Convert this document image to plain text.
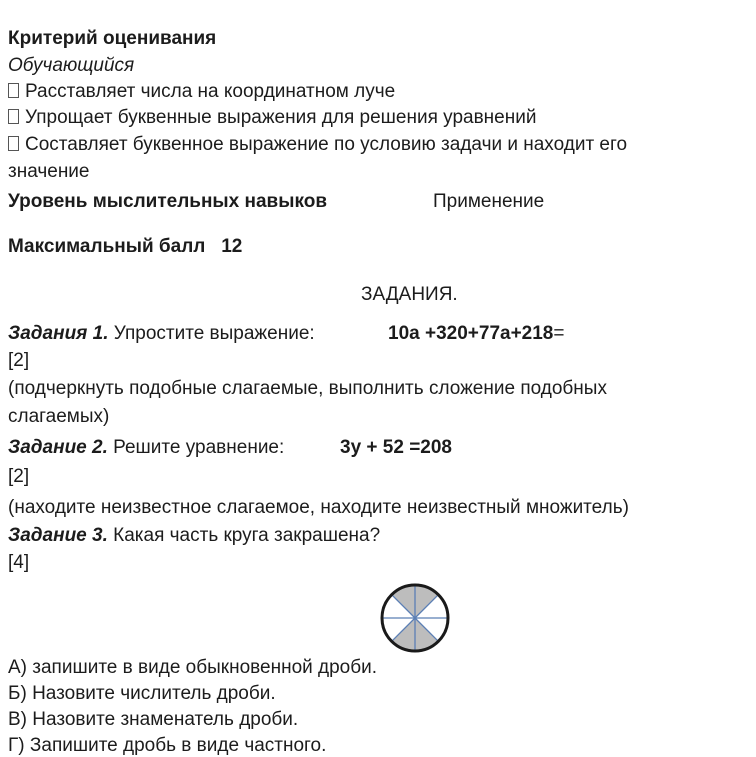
Критерий оценивания
Обучающийся
Расставляет числа на координатном луче
Упрощает буквенные выражения для решения уравнений
Составляет буквенное выражение по условию задачи и находит его
значение
Уровень мыслительных навыков	Применение
Максимальный балл 12
ЗАДАНИЯ.
Задания 1. Упростите выражение:	10a +320+77a+218=
[2]
(подчеркнуть подобные слагаемые, выполнить сложение подобных
слагаемых)
Задание 2. Решите уравнение:	3y + 52 =208
[2]
(находите неизвестное слагаемое, находите неизвестный множитель)
Задание 3. Какая часть круга закрашена?
[4]
А) запишите в виде обыкновенной дроби.
Б) Назовите числитель дроби.
В) Назовите знаменатель дроби.
Г) Запишите дробь в виде частного.
